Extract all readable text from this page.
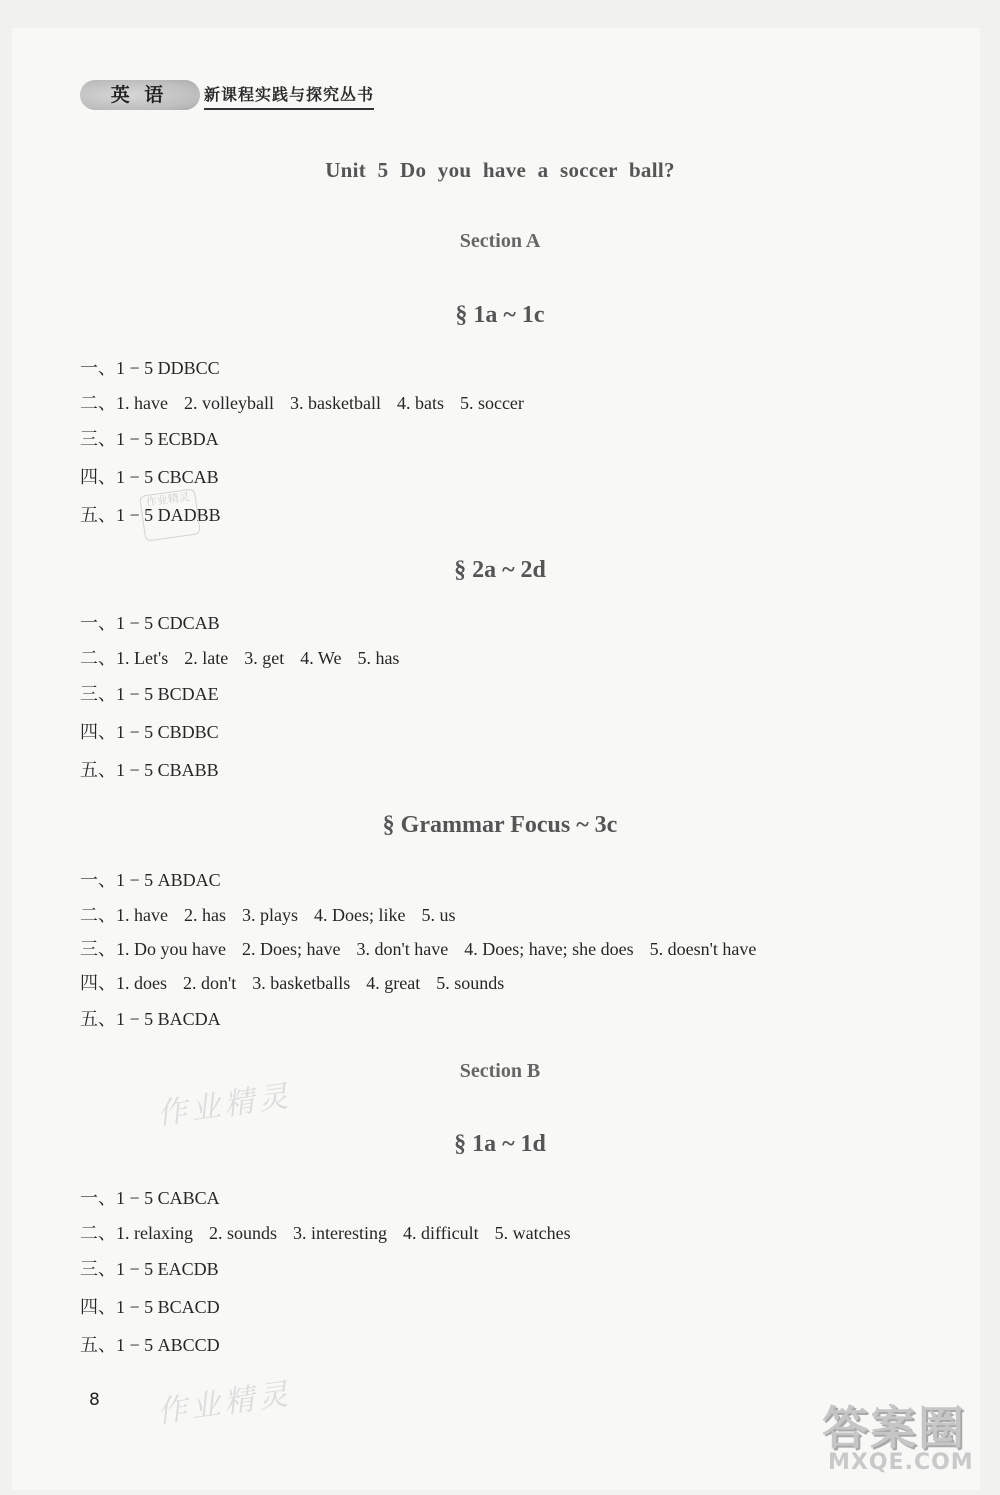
英 语	新课程实践与探究丛书
Unit 5 Do you have a soccer ball?
Section A
§ 1a ~ 1c
一、1 − 5 DDBCC
二、1. have 2. volleyball 3. basketball 4. bats 5. soccer
三、1 − 5 ECBDA
四、1 − 5 CBCAB
五、1 − 5 DADBB
§ 2a ~ 2d
一、1 − 5 CDCAB
二、1. Let's 2. late 3. get 4. We 5. has
三、1 − 5 BCDAE
四、1 − 5 CBDBC
五、1 − 5 CBABB
§ Grammar Focus ~ 3c
一、1 − 5 ABDAC
二、1. have 2. has 3. plays 4. Does; like 5. us
三、1. Do you have 2. Does; have 3. don't have 4. Does; have; she does 5. doesn't have
四、1. does 2. don't 3. basketballs 4. great 5. sounds
五、1 − 5 BACDA
Section B
§ 1a ~ 1d
一、1 − 5 CABCA
二、1. relaxing 2. sounds 3. interesting 4. difficult 5. watches
三、1 − 5 EACDB
四、1 − 5 BCACD
五、1 − 5 ABCCD
作业精灵
作业精灵
作业精灵
8
答案圈
MXQE.COM
